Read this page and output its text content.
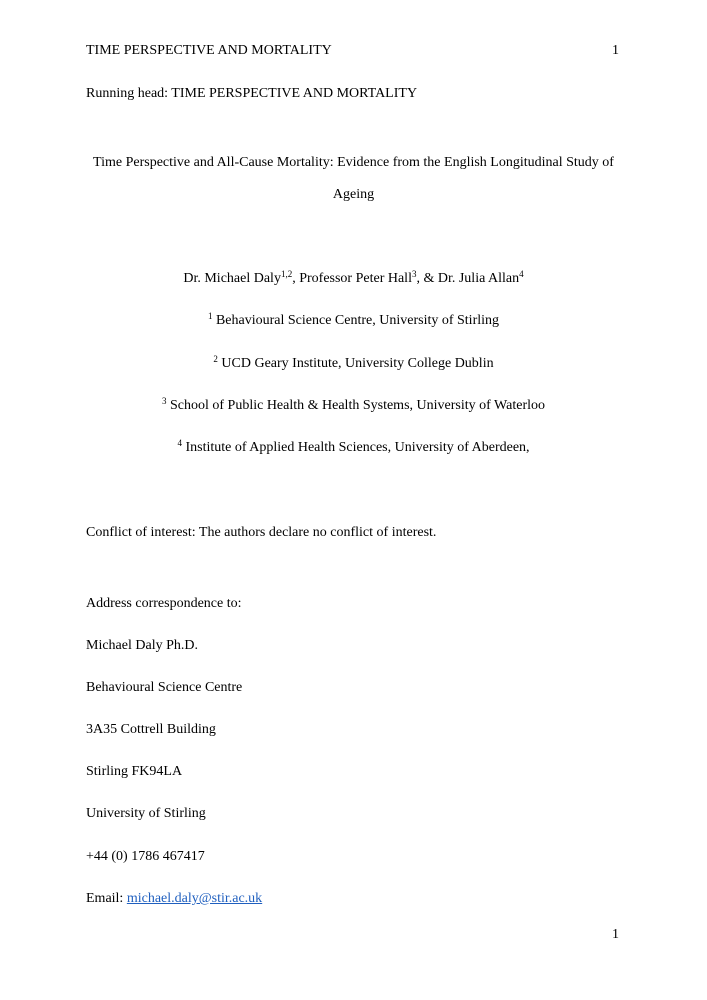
TIME PERSPECTIVE AND MORTALITY	1
Running head: TIME PERSPECTIVE AND MORTALITY
Time Perspective and All-Cause Mortality: Evidence from the English Longitudinal Study of
Ageing
Dr. Michael Daly$^{1,2}$, Professor Peter Hall$^3$, & Dr. Julia Allan$^4$
$^1$ Behavioural Science Centre, University of Stirling
$^2$ UCD Geary Institute, University College Dublin
$^3$ School of Public Health & Health Systems, University of Waterloo
$^4$ Institute of Applied Health Sciences, University of Aberdeen,
Conflict of interest: The authors declare no conflict of interest.
Address correspondence to:
Michael Daly Ph.D.
Behavioural Science Centre
3A35 Cottrell Building
Stirling FK94LA
University of Stirling
+44 (0) 1786 467417
Email: michael.daly@stir.ac.uk
1
